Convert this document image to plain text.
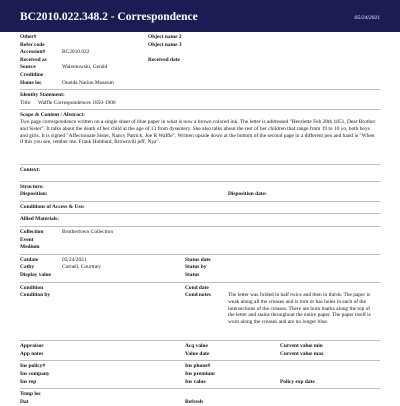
BC2010.022.348.2 - Correspondence	05/24/2021
Other#	Object name 2
Refer code	Object name 3
Accession#	BC2010.022
Received as	Received date
Source	Walentowski, Gerald
Creditline
Home loc	Oneida Nation Museum
Identity Statement:
Title: Waffle Correspondences 1850-1900
Scope & Content / Abstract:
Two page correspondence written on a single sheet of blue paper in what is now a brown colored ink. The letter is addressed "Henriette Feb 28th 1851, Dear Brother and Sister". It talks about the death of her child at the age of 13 from dysentery. She also talks about the rest of her children that range from 19 to 10 yo, both boys and girls. It is signed "Affectionate Sister, Nancy Patrick, Joe R Waffle". Written upside down at the bottom of the second page in a different pen and hand is "When if this you see, rember me. Frank Hubbard, Brownvill jeff, Nya".
Context:
Structure:
Disposition:	Disposition date:
Conditions of Access & Use:
Allied Materials:
Collection	Brothertown Collection
Event
Medium
Catdate	05/24/2021	Status date
Catby	Cornell, Courtney	Status by
Display value	Status
Condition	Cond date
Condition by	Cond notes	The letter was folded in half twice and then in thirds. The paper is weak along all the creases and is torn or has holes in each of the intersections of the creases. There are burn marks along the top of the letter and stains throughout the entire paper. The paper itself is worn along the creases and are no longer blue.
Appraisor	Acq value	Current value min
App notes	Value date	Current value max
Ins policy#	Ins phone#
Ins company	Ins premium
Ins rep	Ins value	Policy exp date
Temp loc
Dat	Refresh
